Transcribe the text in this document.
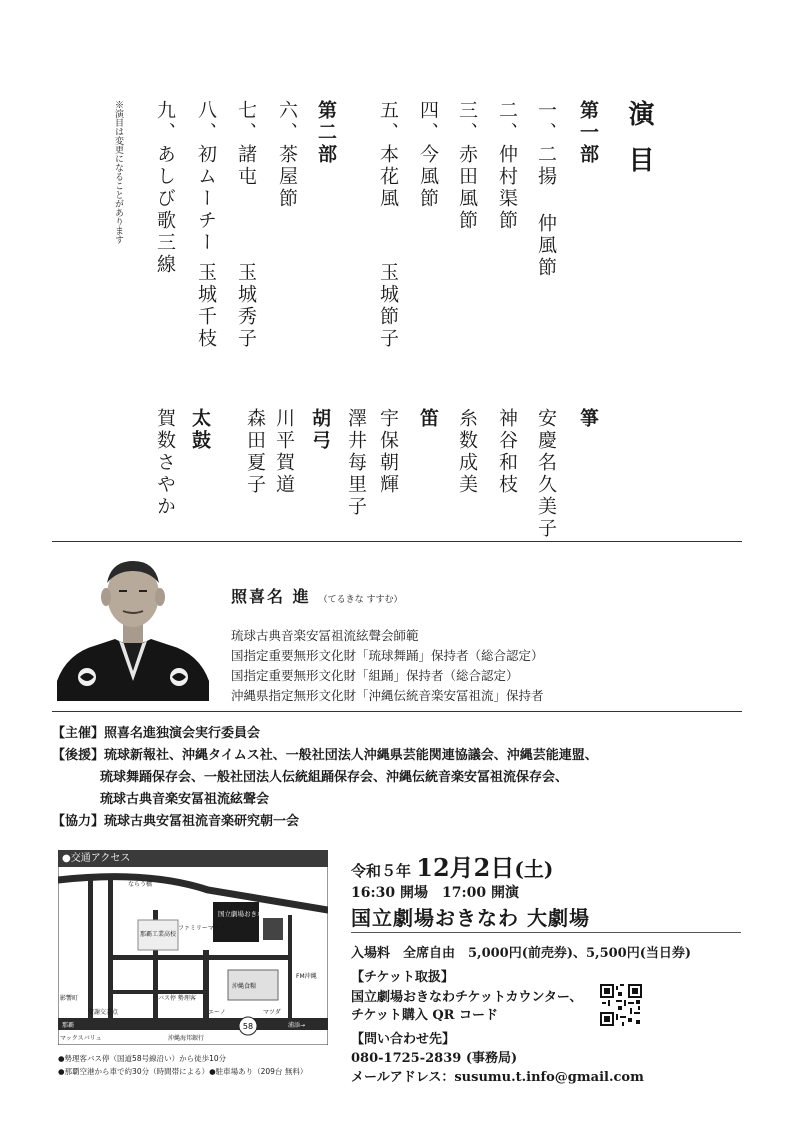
演目
第一部
一、二揚 仲風節
二、仲村渠節
三、赤田風節
四、今風節
五、本花風
玉城節子
第二部
六、茶屋節
七、諸屯
玉城秀子
八、初ムーチー
玉城千枝
九、あしび歌三線
※演目は変更になることがあります
箏
安慶名久美子
神谷和枝
糸数成美
笛
宇保朝輝
澤井每里子
胡弓
川平賀道
森田夏子
太鼓
賀数さやか
照喜名 進 （てるきな すすむ）
琉球古典音楽安冨祖流絃聲会師範
国指定重要無形文化財「琉球舞踊」保持者（総合認定）
国指定重要無形文化財「組踊」保持者（総合認定）
沖縄県指定無形文化財「沖縄伝統音楽安冨祖流」保持者
【主催】照喜名進独演会実行委員会
【後援】琉球新報社、沖縄タイムス社、一般社団法人沖縄県芸能関連協議会、沖縄芸能連盟、
琉球舞踊保存会、一般社団法人伝統組踊保存会、沖縄伝統音楽安冨祖流保存会、
琉球古典音楽安冨祖流絃聲会
【協力】琉球古典安冨祖流音楽研究朝一会
58
ならう橋
国立劇場おきなわ
那覇工業高校
ファミリーマート
影響町	バス停 勢理客
沖縄食糧
FM沖縄
安謝交差点	エーノ	マツダ
浦添→
那覇
マックスバリュ	沖縄海邦銀行
●交通アクセス
●勢理客バス停（国道58号線沿い）から徒歩10分
●那覇空港から車で約30分（時間帯による）●駐車場あり（209台 無料）
令和５年 12月2日(土)
16:30 開場　17:00 開演
国立劇場おきなわ 大劇場
入場料　全席自由　5,000円(前売券)、5,500円(当日券)
【チケット取扱】
国立劇場おきなわチケットカウンター、
チケット購入 QR コード
【問い合わせ先】
080-1725-2839 (事務局)
メールアドレス：susumu.t.info@gmail.com
